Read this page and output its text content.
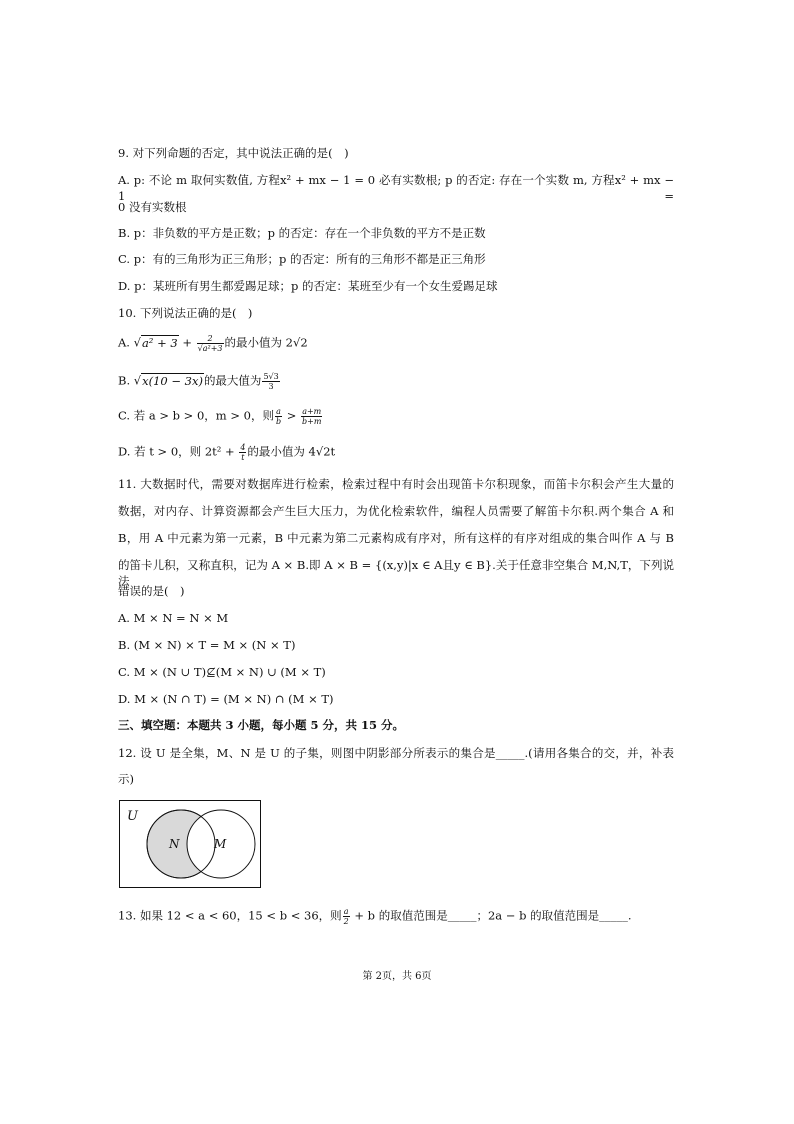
9. 对下列命题的否定，其中说法正确的是(　)
A. p: 不论 m 取何实数值, 方程x² + mx − 1 = 0 必有实数根; p 的否定: 存在一个实数 m, 方程x² + mx − 1 =
0 没有实数根
B. p：非负数的平方是正数；p 的否定：存在一个非负数的平方不是正数
C. p：有的三角形为正三角形；p 的否定：所有的三角形不都是正三角形
D. p：某班所有男生都爱踢足球；p 的否定：某班至少有一个女生爱踢足球
10. 下列说法正确的是(　)
A. $√a^2 + 3 + \frac{2}{\text{√a²+3}}$ 的最小值为 2√2
B. √x(10 − 3x)的最大值为 $\frac{5√3}{3}$
C. 若 a > b > 0，m > 0，则 $\frac{a}{b} > \frac{a+m}{b+m}$
D. 若 t > 0，则 $2t^2 + \frac{4}{t}$ 的最小值为 4√2t
11. 大数据时代，需要对数据库进行检索，检索过程中有时会出现笛卡尔积现象，而笛卡尔积会产生大量的
数据，对内存、计算资源都会产生巨大压力，为优化检索软件，编程人员需要了解笛卡尔积.两个集合 A 和
B，用 A 中元素为第一元素，B 中元素为第二元素构成有序对，所有这样的有序对组成的集合叫作 A 与 B
的笛卡儿积，又称直积，记为 A × B.即 A × B = {(x,y)|x ∈ A且y ∈ B}.关于任意非空集合 M,N,T，下列说法
错误的是(　)
A. M × N = N × M
B. (M × N) × T = M × (N × T)
C. M × (N ∪ T)⊈(M × N) ∪ (M × T)
D. M × (N ∩ T) = (M × N) ∩ (M × T)
三、填空题：本题共 3 小题，每小题 5 分，共 15 分。
12. 设 U 是全集，M、N 是 U 的子集，则图中阴影部分所表示的集合是_____.(请用各集合的交，并，补表
示)
U
N	M
13. 如果 12 < a < 60，15 < b < 36，则 $\frac{a}{2} + b$ 的取值范围是_____；2a − b 的取值范围是_____.
第 2页，共 6页
